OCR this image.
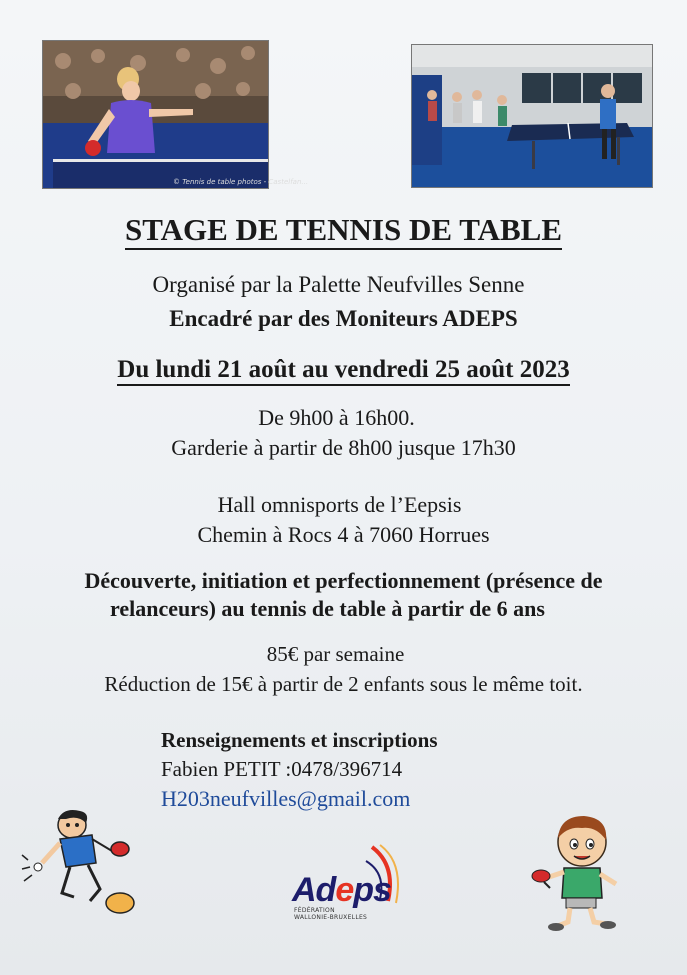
© Tennis de table photos - Castelfan...
STAGE DE TENNIS DE TABLE
Organisé par la Palette Neufvilles Senne
Encadré par des Moniteurs ADEPS
Du lundi 21 août au vendredi 25 août 2023
De 9h00 à 16h00.
Garderie à partir de 8h00 jusque 17h30
Hall omnisports de l’Eepsis
Chemin à Rocs 4 à 7060 Horrues
Découverte, initiation et perfectionnement (présence de
relanceurs) au tennis de table à partir de 6 ans
85€ par semaine
Réduction de 15€ à partir de 2 enfants sous le même toit.
Renseignements et inscriptions
Fabien PETIT :0478/396714
H203neufvilles@gmail.com
Adeps
FÉDÉRATION
WALLONIE-BRUXELLES
